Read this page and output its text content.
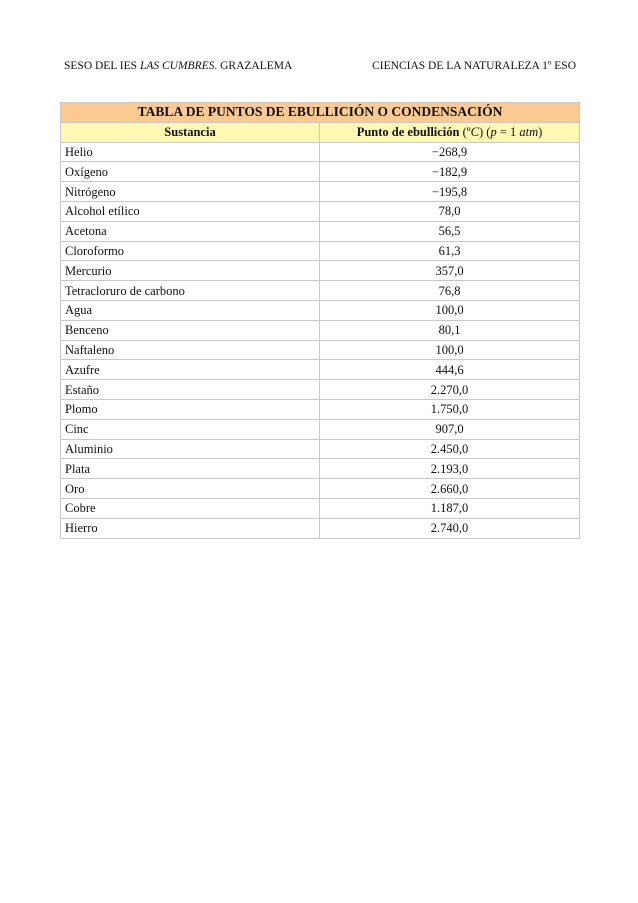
SESO DEL IES LAS CUMBRES. GRAZALEMA	CIENCIAS DE LA NATURALEZA 1º ESO
TABLA DE PUNTOS DE EBULLICIÓN O CONDENSACIÓN	
Sustancia	Punto de ebullición (ºC) (p = 1 atm)
Helio	−268,9
Oxígeno	−182,9
Nitrógeno	−195,8
Alcohol etílico	78,0
Acetona	56,5
Cloroformo	61,3
Mercurio	357,0
Tetracloruro de carbono	76,8
Agua	100,0
Benceno	80,1
Naftaleno	100,0
Azufre	444,6
Estaño	2.270,0
Plomo	1.750,0
Cinc	907,0
Aluminio	2.450,0
Plata	2.193,0
Oro	2.660,0
Cobre	1.187,0
Hierro	2.740,0
